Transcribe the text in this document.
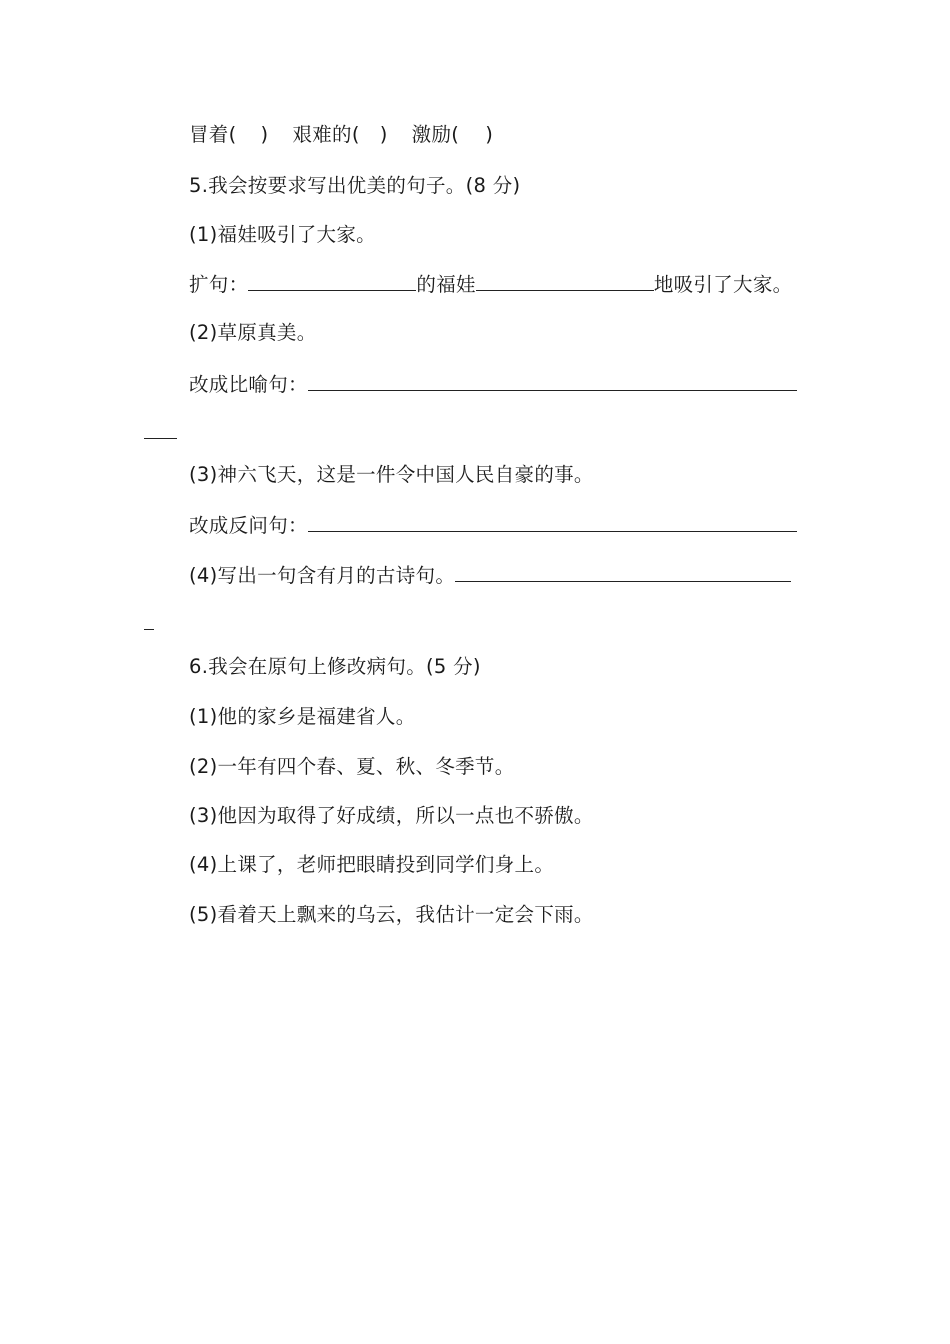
冒着( ) 艰难的( ) 激励( )
5.我会按要求写出优美的句子。(8 分)
(1)福娃吸引了大家。
扩句：	的福娃	地吸引了大家。
(2)草原真美。
改成比喻句：
(3)神六飞天，这是一件令中国人民自豪的事。
改成反问句：
(4)写出一句含有月的古诗句。
6.我会在原句上修改病句。(5 分)
(1)他的家乡是福建省人。
(2)一年有四个春、夏、秋、冬季节。
(3)他因为取得了好成绩，所以一点也不骄傲。
(4)上课了，老师把眼睛投到同学们身上。
(5)看着天上飘来的乌云，我估计一定会下雨。
